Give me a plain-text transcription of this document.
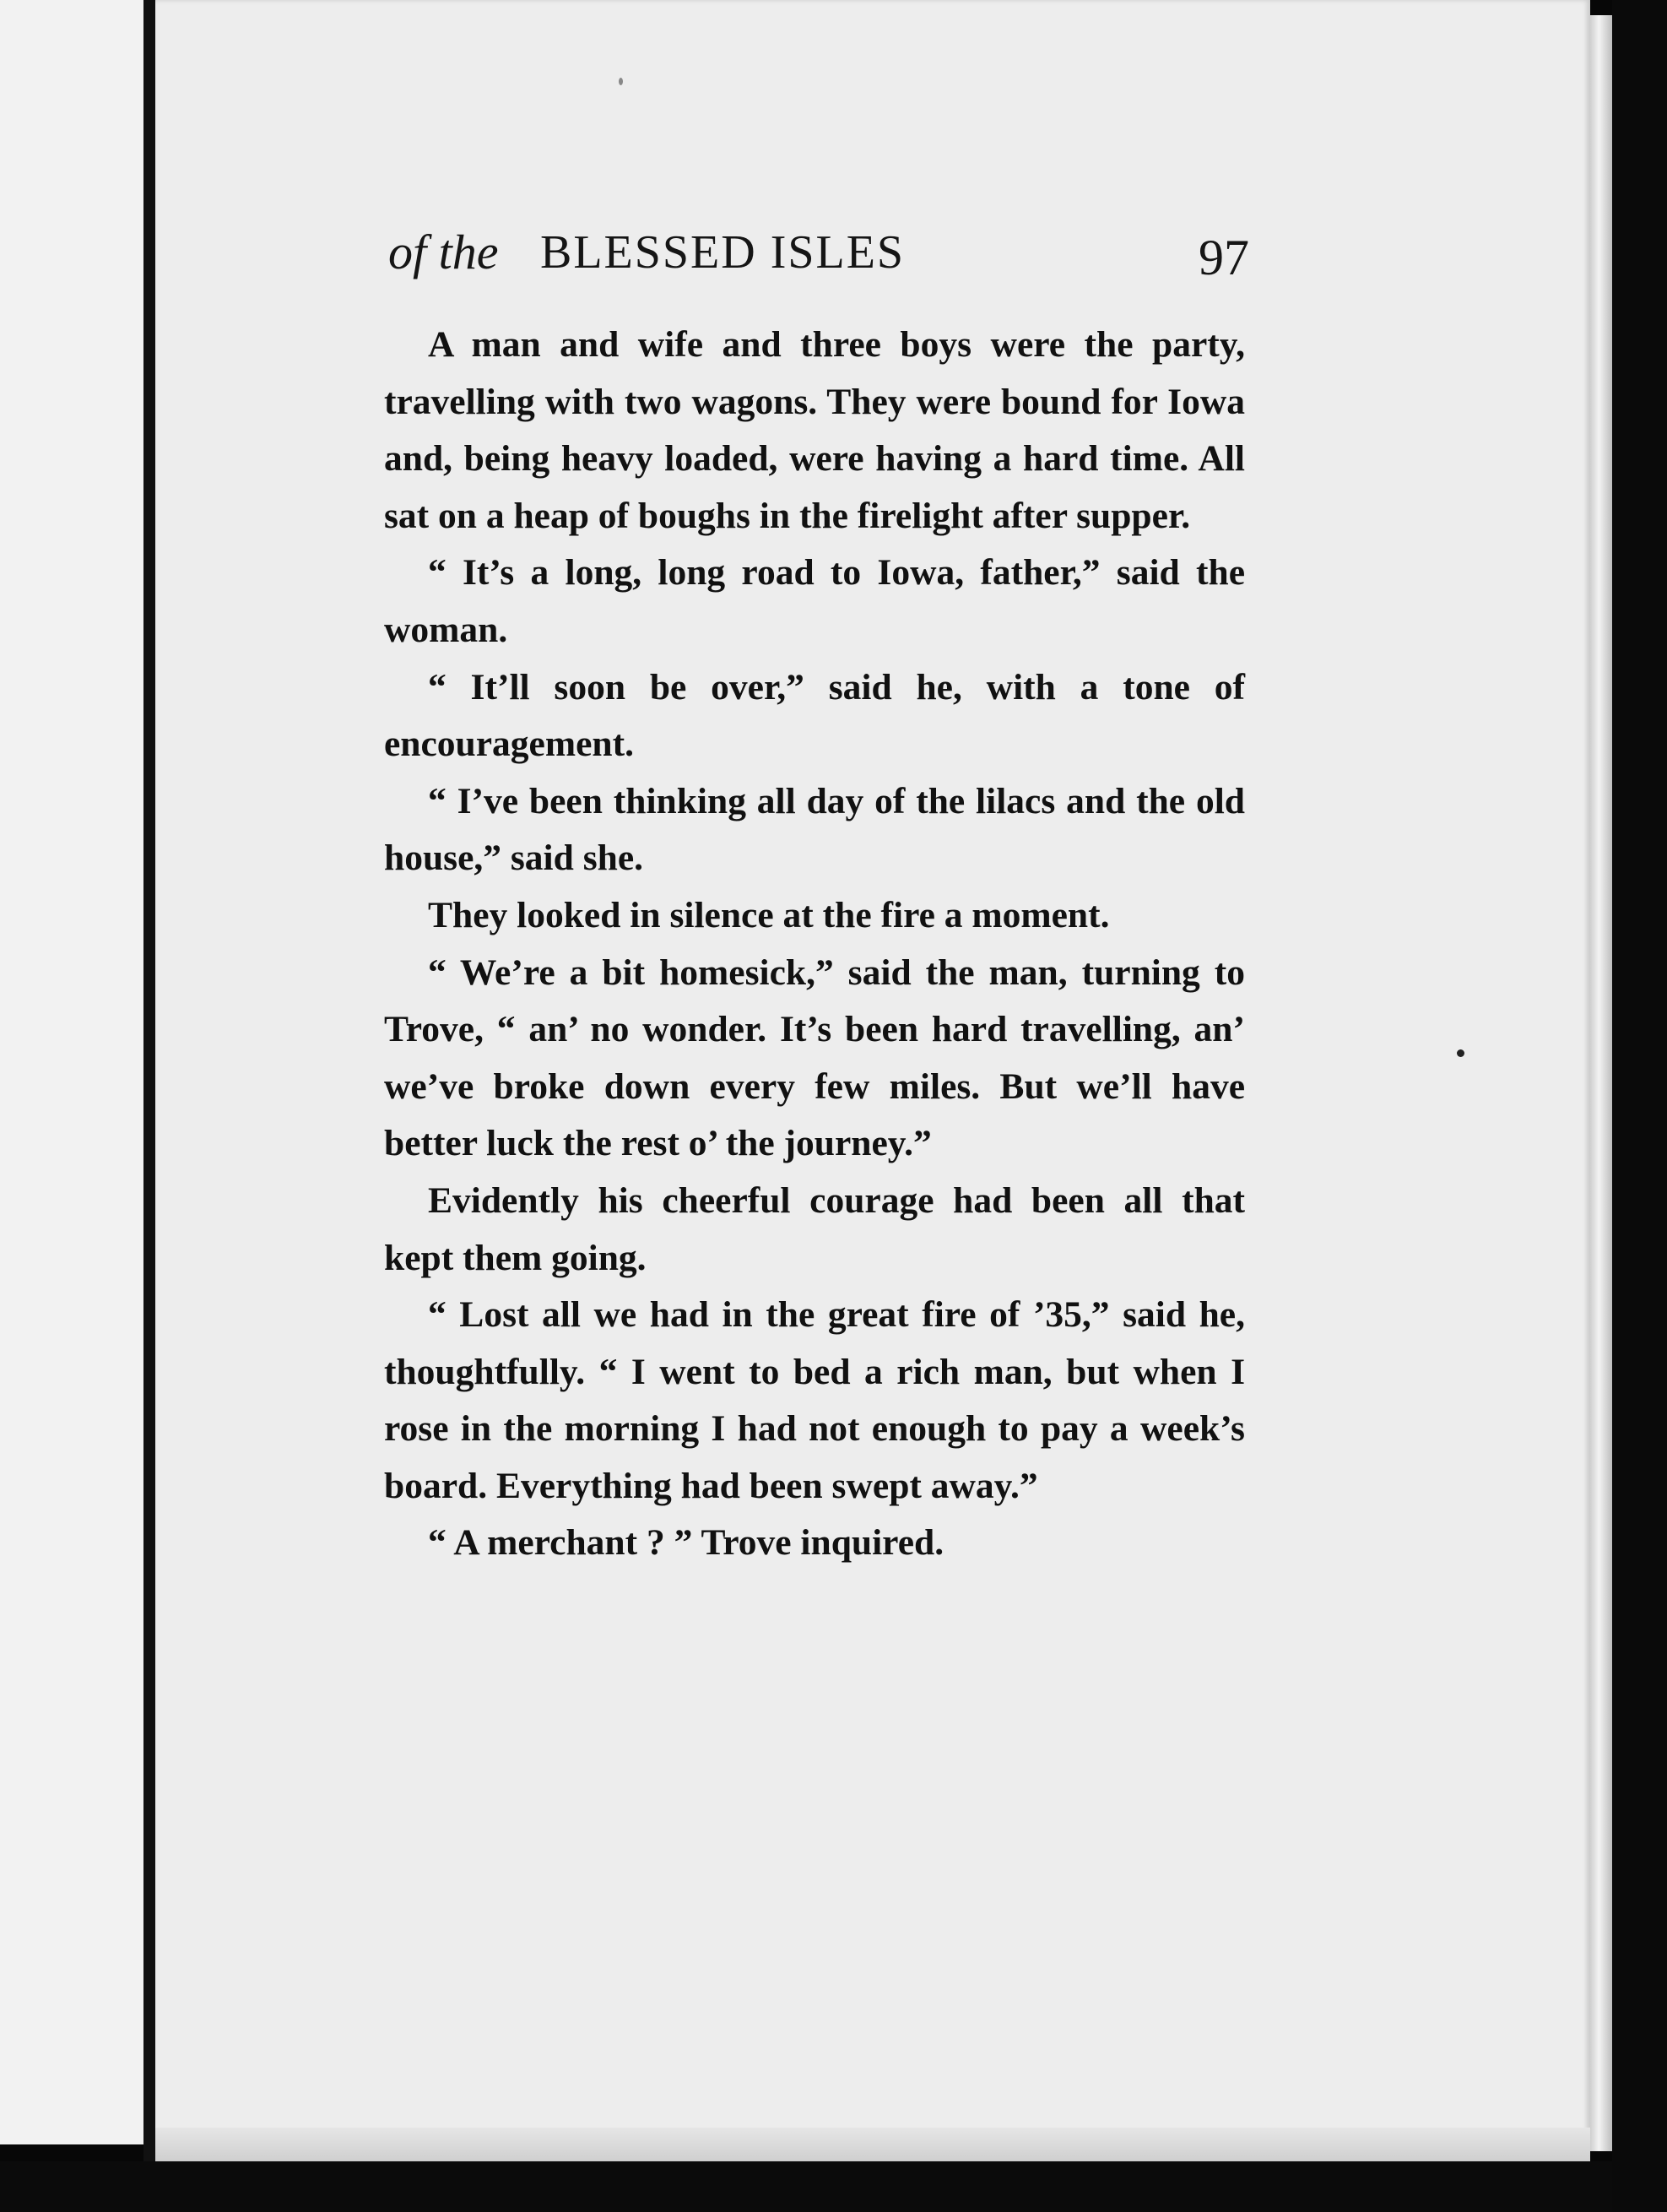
of the BLESSED ISLES	97

A man and wife and three boys were the party, travelling with two wagons. They were bound for Iowa and, being heavy loaded, were having a hard time. All sat on a heap of boughs in the firelight after supper.

“ It’s a long, long road to Iowa, father,” said the woman.

“ It’ll soon be over,” said he, with a tone of encouragement.

“ I’ve been thinking all day of the lilacs and the old house,” said she.

They looked in silence at the fire a moment.

“ We’re a bit homesick,” said the man, turning to Trove, “ an’ no wonder. It’s been hard travelling, an’ we’ve broke down every few miles. But we’ll have better luck the rest o’ the journey.”

Evidently his cheerful courage had been all that kept them going.

“ Lost all we had in the great fire of ’35,” said he, thoughtfully. “ I went to bed a rich man, but when I rose in the morning I had not enough to pay a week’s board. Everything had been swept away.”

“ A merchant ? ” Trove inquired.
